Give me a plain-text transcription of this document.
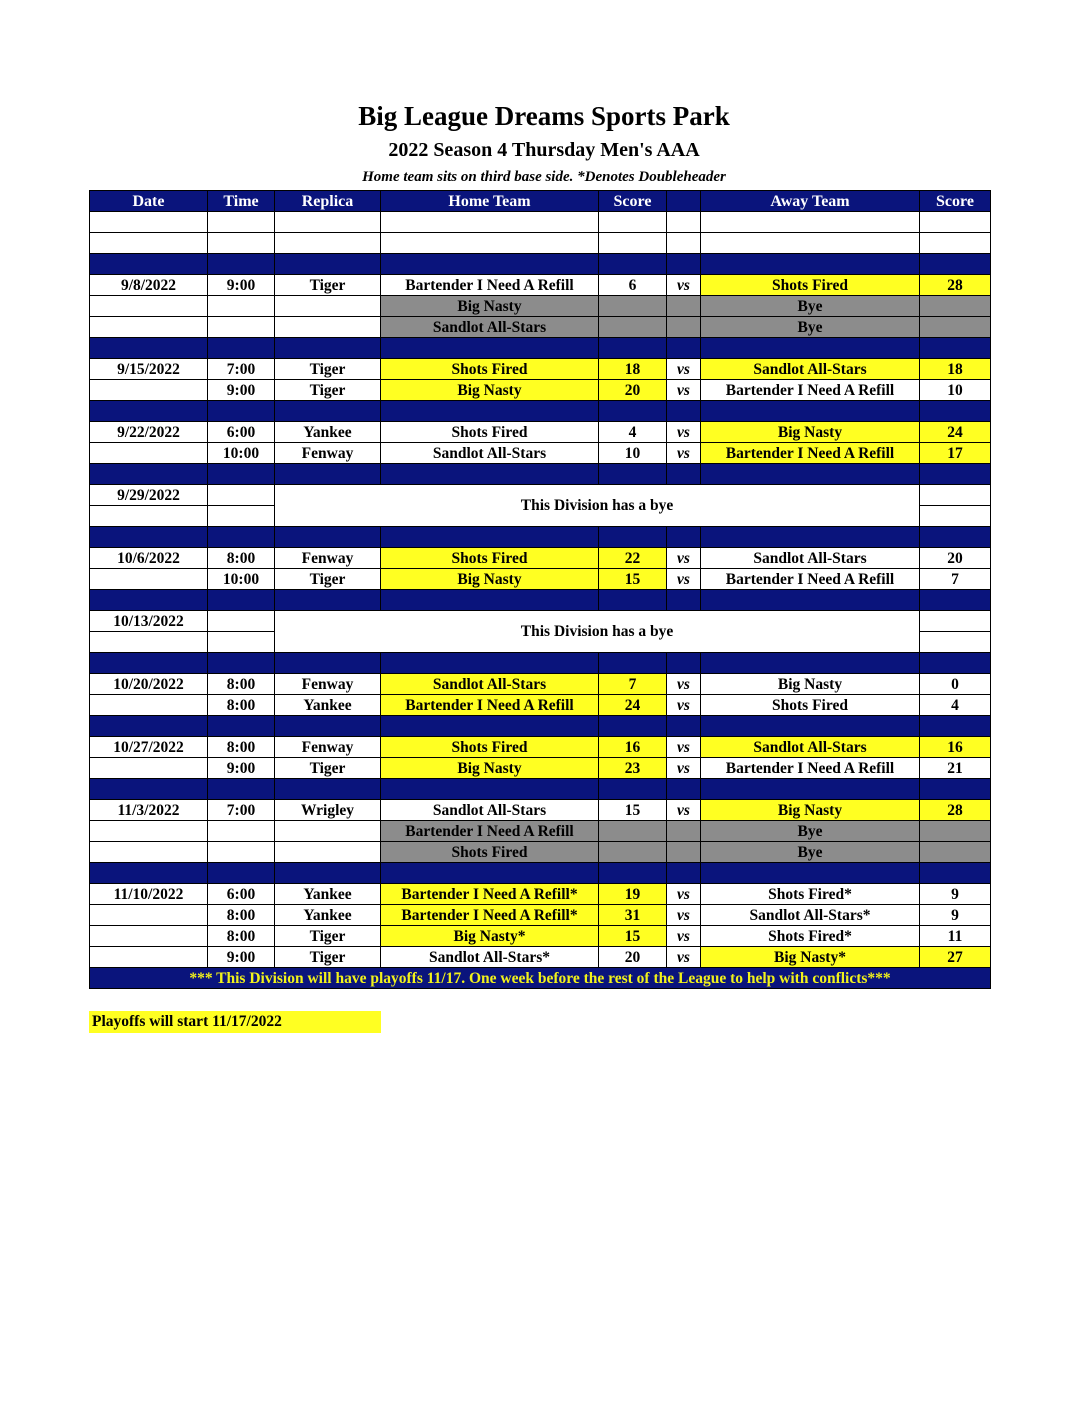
Big League Dreams Sports Park
2022 Season 4 Thursday Men's AAA
Home team sits on third base side. *Denotes Doubleheader
Date	Time	Replica	Home Team	Score		Away Team	Score

9/8/2022	9:00	Tiger	Bartender I Need A Refill	6	vs	Shots Fired	28
			Big Nasty			Bye	
			Sandlot All-Stars			Bye	

9/15/2022	7:00	Tiger	Shots Fired	18	vs	Sandlot All-Stars	18
	9:00	Tiger	Big Nasty	20	vs	Bartender I Need A Refill	10

9/22/2022	6:00	Yankee	Shots Fired	4	vs	Big Nasty	24
	10:00	Fenway	Sandlot All-Stars	10	vs	Bartender I Need A Refill	17

9/29/2022		This Division has a bye					

10/6/2022	8:00	Fenway	Shots Fired	22	vs	Sandlot All-Stars	20
	10:00	Tiger	Big Nasty	15	vs	Bartender I Need A Refill	7

10/13/2022		This Division has a bye					

10/20/2022	8:00	Fenway	Sandlot All-Stars	7	vs	Big Nasty	0
	8:00	Yankee	Bartender I Need A Refill	24	vs	Shots Fired	4

10/27/2022	8:00	Fenway	Shots Fired	16	vs	Sandlot All-Stars	16
	9:00	Tiger	Big Nasty	23	vs	Bartender I Need A Refill	21

11/3/2022	7:00	Wrigley	Sandlot All-Stars	15	vs	Big Nasty	28
			Bartender I Need A Refill			Bye	
			Shots Fired			Bye	

11/10/2022	6:00	Yankee	Bartender I Need A Refill*	19	vs	Shots Fired*	9
	8:00	Yankee	Bartender I Need A Refill*	31	vs	Sandlot All-Stars*	9
	8:00	Tiger	Big Nasty*	15	vs	Shots Fired*	11
	9:00	Tiger	Sandlot All-Stars*	20	vs	Big Nasty*	27
*** This Division will have playoffs 11/17. One week before the rest of the League to help with conflicts***							
Playoffs will start 11/17/2022
